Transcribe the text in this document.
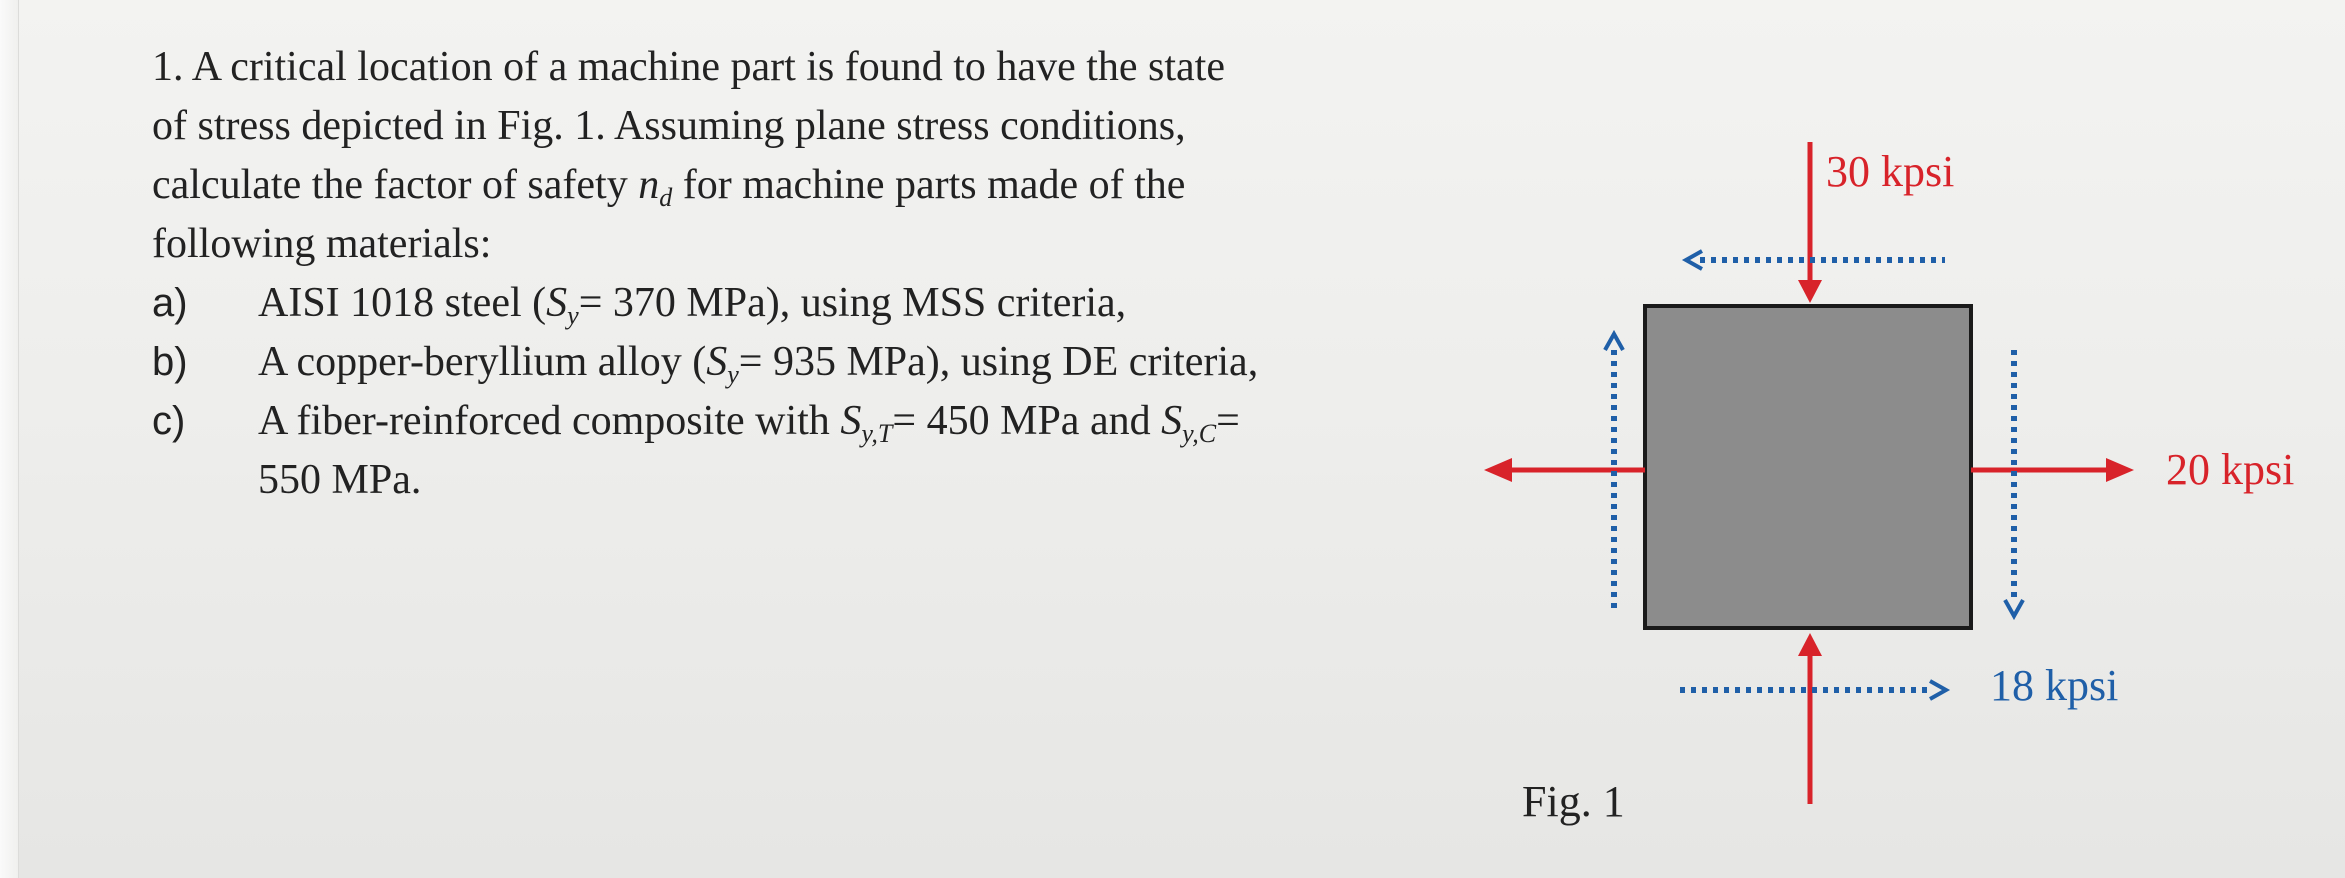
1. A critical location of a machine part is found to have the state
of stress depicted in Fig. 1. Assuming plane stress conditions,
calculate the factor of safety $n_d$ for machine parts made of the
following materials:
a) AISI 1018 steel ($S_y= 370$ MPa), using MSS criteria,
b) A copper-beryllium alloy ($S_y= 935$ MPa), using DE criteria,
c) A fiber-reinforced composite with $S_{y,T}= 450$ MPa and $S_{y,C}=$
550 MPa.
30 kpsi
20 kpsi
18 kpsi
Fig. 1
